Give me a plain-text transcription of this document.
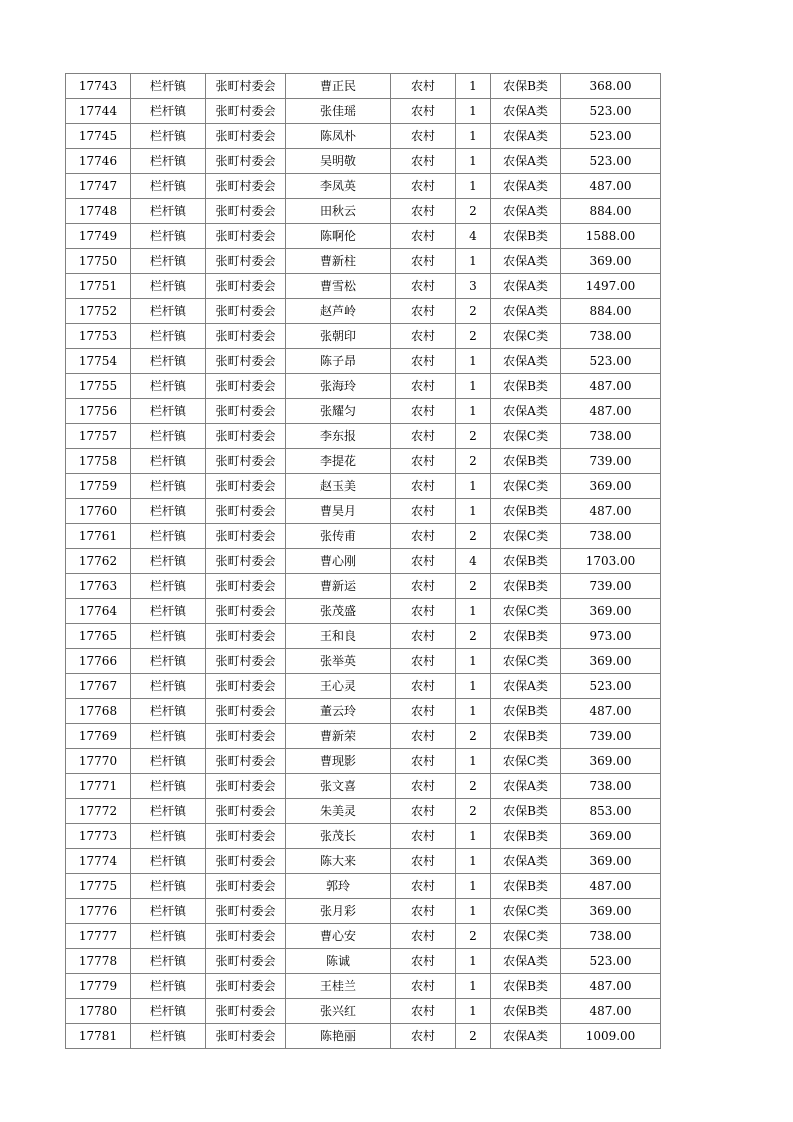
17743	栏杆镇	张町村委会	曹正民	农村	1	农保B类	368.00
17744	栏杆镇	张町村委会	张佳瑶	农村	1	农保A类	523.00
17745	栏杆镇	张町村委会	陈凤朴	农村	1	农保A类	523.00
17746	栏杆镇	张町村委会	吴明敬	农村	1	农保A类	523.00
17747	栏杆镇	张町村委会	李凤英	农村	1	农保A类	487.00
17748	栏杆镇	张町村委会	田秋云	农村	2	农保A类	884.00
17749	栏杆镇	张町村委会	陈啊伦	农村	4	农保B类	1588.00
17750	栏杆镇	张町村委会	曹新柱	农村	1	农保A类	369.00
17751	栏杆镇	张町村委会	曹雪松	农村	3	农保A类	1497.00
17752	栏杆镇	张町村委会	赵芦岭	农村	2	农保A类	884.00
17753	栏杆镇	张町村委会	张朝印	农村	2	农保C类	738.00
17754	栏杆镇	张町村委会	陈子昂	农村	1	农保A类	523.00
17755	栏杆镇	张町村委会	张海玲	农村	1	农保B类	487.00
17756	栏杆镇	张町村委会	张耀匀	农村	1	农保A类	487.00
17757	栏杆镇	张町村委会	李东报	农村	2	农保C类	738.00
17758	栏杆镇	张町村委会	李提花	农村	2	农保B类	739.00
17759	栏杆镇	张町村委会	赵玉美	农村	1	农保C类	369.00
17760	栏杆镇	张町村委会	曹昊月	农村	1	农保B类	487.00
17761	栏杆镇	张町村委会	张传甫	农村	2	农保C类	738.00
17762	栏杆镇	张町村委会	曹心刚	农村	4	农保B类	1703.00
17763	栏杆镇	张町村委会	曹新运	农村	2	农保B类	739.00
17764	栏杆镇	张町村委会	张茂盛	农村	1	农保C类	369.00
17765	栏杆镇	张町村委会	王和良	农村	2	农保B类	973.00
17766	栏杆镇	张町村委会	张举英	农村	1	农保C类	369.00
17767	栏杆镇	张町村委会	王心灵	农村	1	农保A类	523.00
17768	栏杆镇	张町村委会	董云玲	农村	1	农保B类	487.00
17769	栏杆镇	张町村委会	曹新荣	农村	2	农保B类	739.00
17770	栏杆镇	张町村委会	曹现影	农村	1	农保C类	369.00
17771	栏杆镇	张町村委会	张文喜	农村	2	农保A类	738.00
17772	栏杆镇	张町村委会	朱美灵	农村	2	农保B类	853.00
17773	栏杆镇	张町村委会	张茂长	农村	1	农保B类	369.00
17774	栏杆镇	张町村委会	陈大来	农村	1	农保A类	369.00
17775	栏杆镇	张町村委会	郭玲	农村	1	农保B类	487.00
17776	栏杆镇	张町村委会	张月彩	农村	1	农保C类	369.00
17777	栏杆镇	张町村委会	曹心安	农村	2	农保C类	738.00
17778	栏杆镇	张町村委会	陈诚	农村	1	农保A类	523.00
17779	栏杆镇	张町村委会	王桂兰	农村	1	农保B类	487.00
17780	栏杆镇	张町村委会	张兴红	农村	1	农保B类	487.00
17781	栏杆镇	张町村委会	陈艳丽	农村	2	农保A类	1009.00
